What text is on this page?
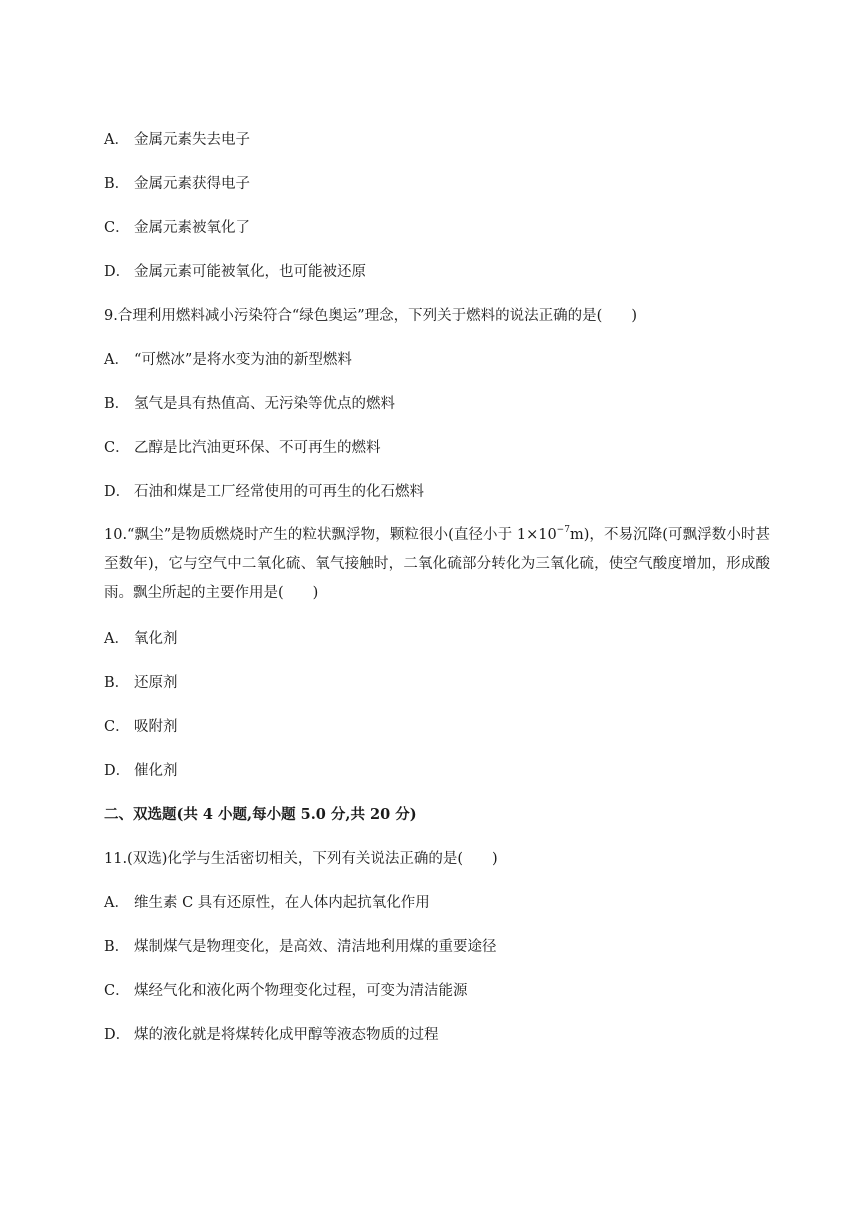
A． 金属元素失去电子
B． 金属元素获得电子
C． 金属元素被氧化了
D． 金属元素可能被氧化，也可能被还原
9.合理利用燃料减小污染符合“绿色奥运”理念，下列关于燃料的说法正确的是(　　)
A． “可燃冰”是将水变为油的新型燃料
B． 氢气是具有热值高、无污染等优点的燃料
C． 乙醇是比汽油更环保、不可再生的燃料
D． 石油和煤是工厂经常使用的可再生的化石燃料
10.“飘尘”是物质燃烧时产生的粒状飘浮物，颗粒很小(直径小于 $1\times 10^{-7}m$)，不易沉降(可飘浮数小时甚至数年)，它与空气中二氧化硫、氧气接触时，二氧化硫部分转化为三氧化硫，使空气酸度增加，形成酸雨。飘尘所起的主要作用是(　　)
A． 氧化剂
B． 还原剂
C． 吸附剂
D． 催化剂
二、双选题(共 4 小题,每小题 5.0 分,共 20 分)
11.(双选)化学与生活密切相关，下列有关说法正确的是(　　)
A． 维生素 C 具有还原性，在人体内起抗氧化作用
B． 煤制煤气是物理变化，是高效、清洁地利用煤的重要途径
C． 煤经气化和液化两个物理变化过程，可变为清洁能源
D． 煤的液化就是将煤转化成甲醇等液态物质的过程
